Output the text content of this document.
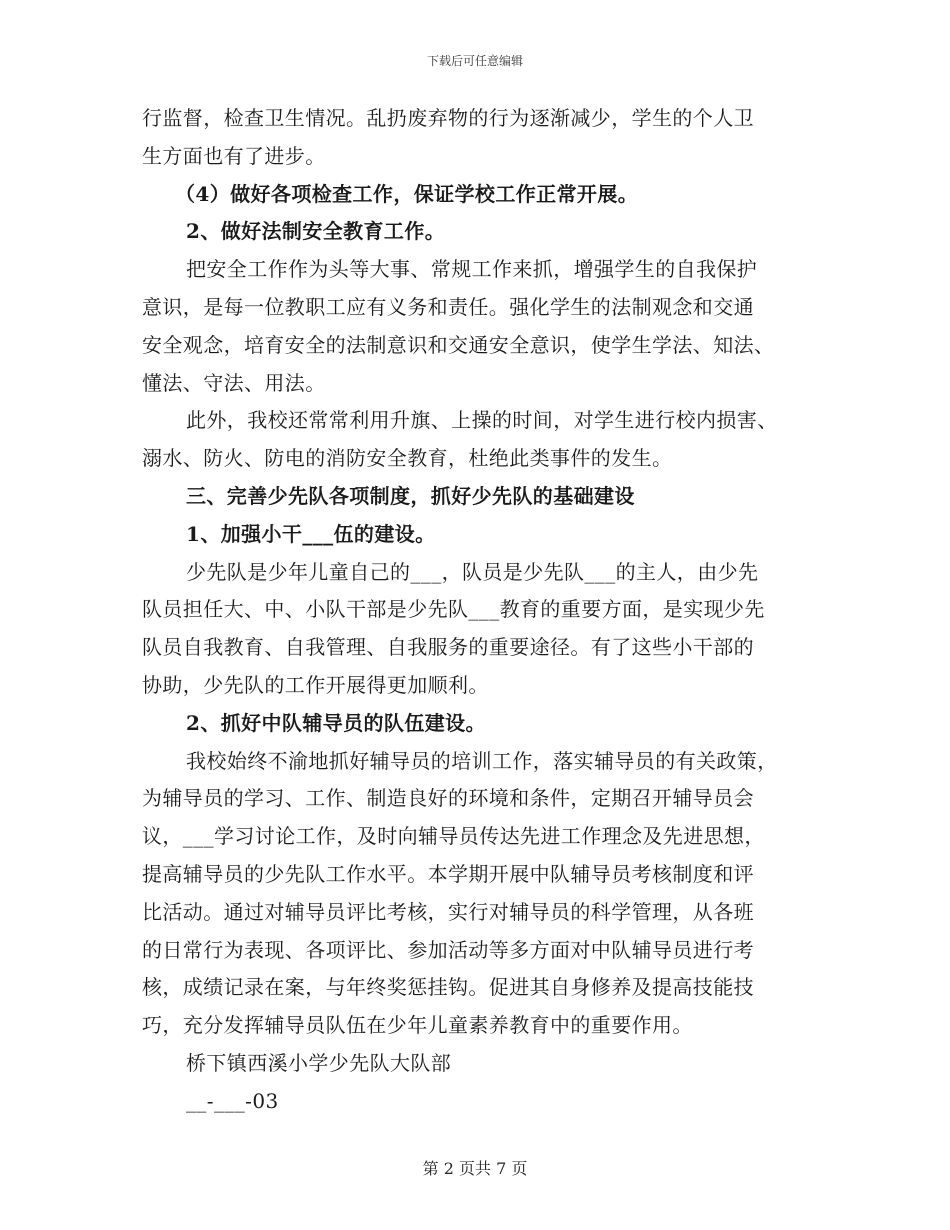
下载后可任意编辑
行监督，检查卫生情况。乱扔废弃物的行为逐渐减少，学生的个人卫
生方面也有了进步。
（4）做好各项检查工作，保证学校工作正常开展。
2、做好法制安全教育工作。
把安全工作作为头等大事、常规工作来抓，增强学生的自我保护
意识，是每一位教职工应有义务和责任。强化学生的法制观念和交通
安全观念，培育安全的法制意识和交通安全意识，使学生学法、知法、
懂法、守法、用法。
此外，我校还常常利用升旗、上操的时间，对学生进行校内损害、
溺水、防火、防电的消防安全教育，杜绝此类事件的发生。
三、完善少先队各项制度，抓好少先队的基础建设
1、加强小干___伍的建设。
少先队是少年儿童自己的___，队员是少先队___的主人，由少先
队员担任大、中、小队干部是少先队___教育的重要方面，是实现少先
队员自我教育、自我管理、自我服务的重要途径。有了这些小干部的
协助，少先队的工作开展得更加顺利。
2、抓好中队辅导员的队伍建设。
我校始终不渝地抓好辅导员的培训工作，落实辅导员的有关政策，
为辅导员的学习、工作、制造良好的环境和条件，定期召开辅导员会
议，___学习讨论工作，及时向辅导员传达先进工作理念及先进思想，
提高辅导员的少先队工作水平。本学期开展中队辅导员考核制度和评
比活动。通过对辅导员评比考核，实行对辅导员的科学管理，从各班
的日常行为表现、各项评比、参加活动等多方面对中队辅导员进行考
核，成绩记录在案，与年终奖惩挂钩。促进其自身修养及提高技能技
巧，充分发挥辅导员队伍在少年儿童素养教育中的重要作用。
桥下镇西溪小学少先队大队部
__-___-03
第 2 页共 7 页
